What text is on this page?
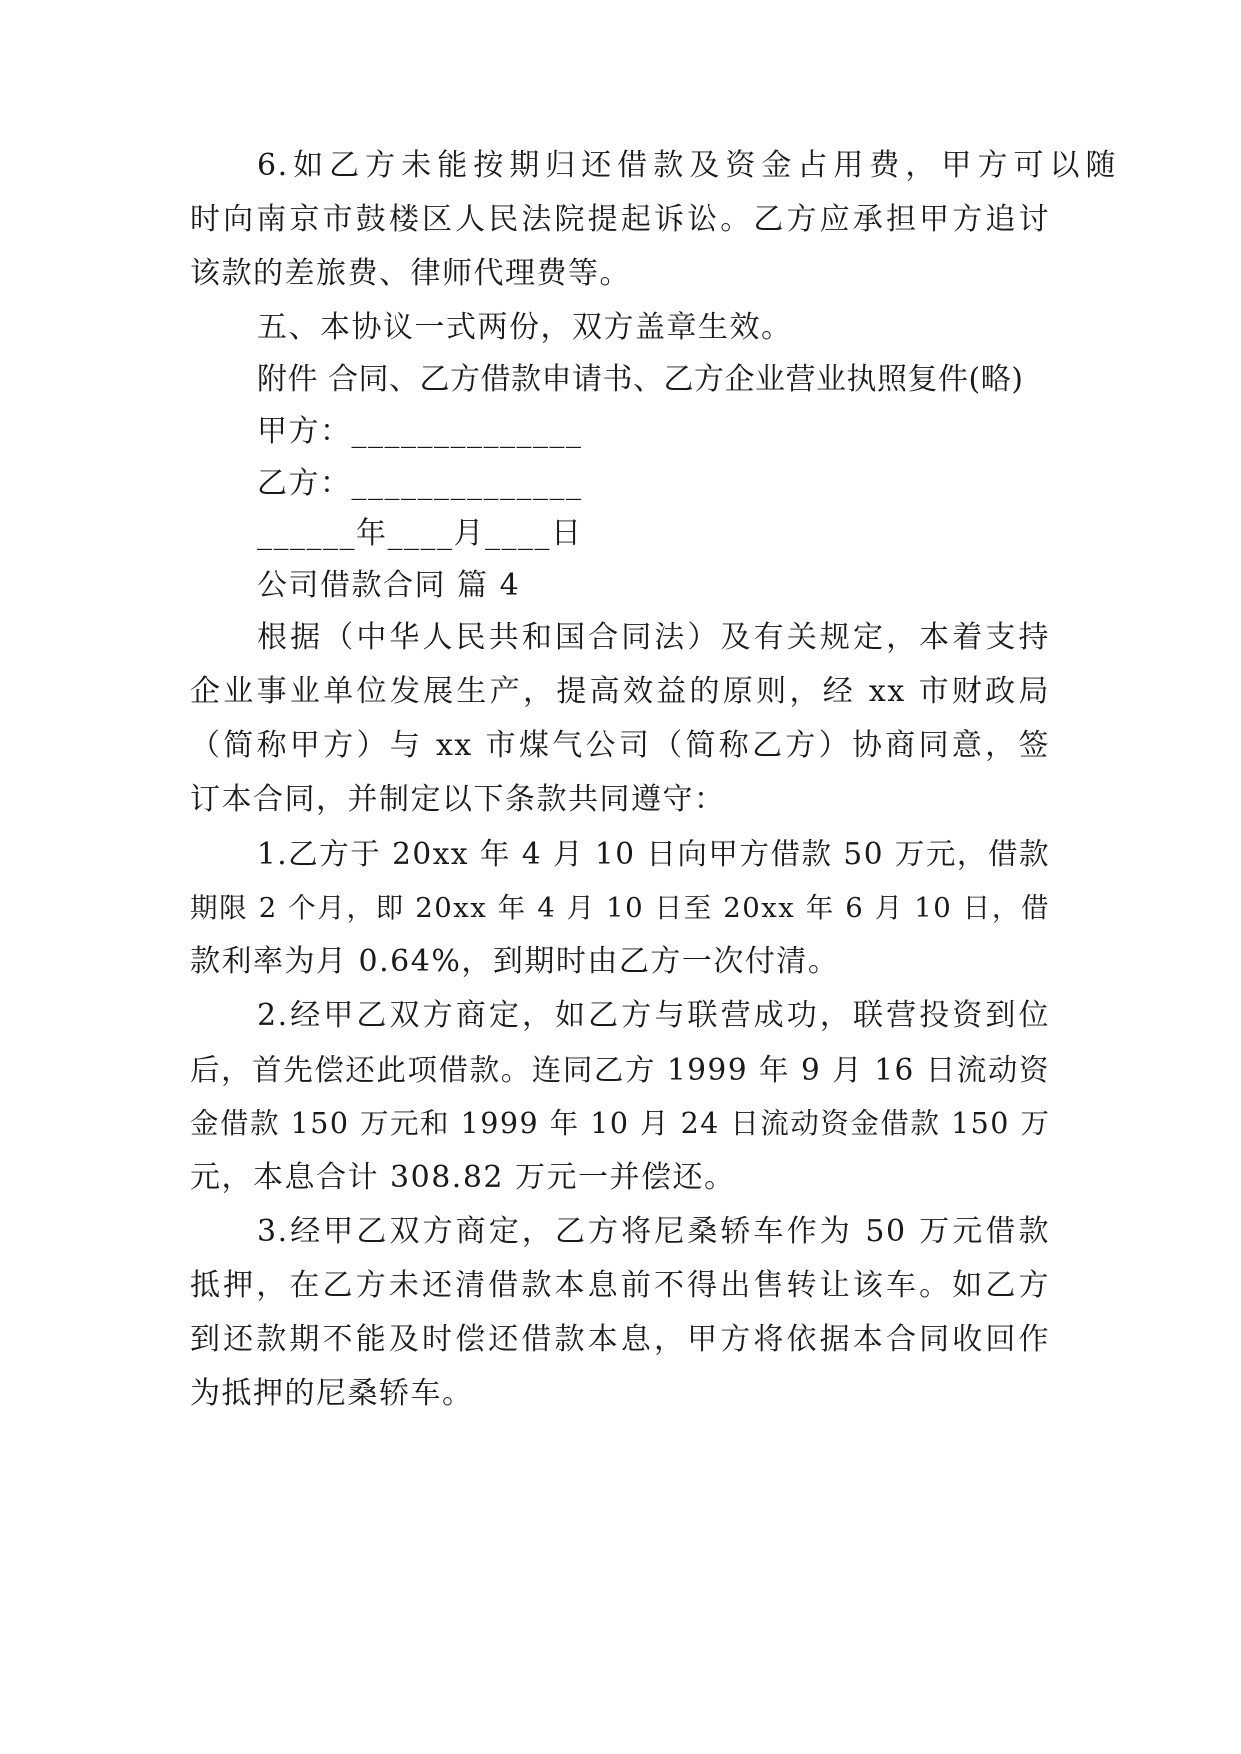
6.如乙方未能按期归还借款及资金占用费，甲方可以随
时向南京市鼓楼区人民法院提起诉讼。乙方应承担甲方追讨
该款的差旅费、律师代理费等。
五、本协议一式两份，双方盖章生效。
附件 合同、乙方借款申请书、乙方企业营业执照复件(略)
甲方：______________
乙方：______________
______年____月____日
公司借款合同 篇 4
根据（中华人民共和国合同法）及有关规定，本着支持
企业事业单位发展生产，提高效益的原则，经 xx 市财政局
（简称甲方）与 xx 市煤气公司（简称乙方）协商同意，签
订本合同，并制定以下条款共同遵守：
1.乙方于 20xx 年 4 月 10 日向甲方借款 50 万元，借款
期限 2 个月，即 20xx 年 4 月 10 日至 20xx 年 6 月 10 日，借
款利率为月 0.64%，到期时由乙方一次付清。
2.经甲乙双方商定，如乙方与联营成功，联营投资到位
后，首先偿还此项借款。连同乙方 1999 年 9 月 16 日流动资
金借款 150 万元和 1999 年 10 月 24 日流动资金借款 150 万
元，本息合计 308.82 万元一并偿还。
3.经甲乙双方商定，乙方将尼桑轿车作为 50 万元借款
抵押，在乙方未还清借款本息前不得出售转让该车。如乙方
到还款期不能及时偿还借款本息，甲方将依据本合同收回作
为抵押的尼桑轿车。
